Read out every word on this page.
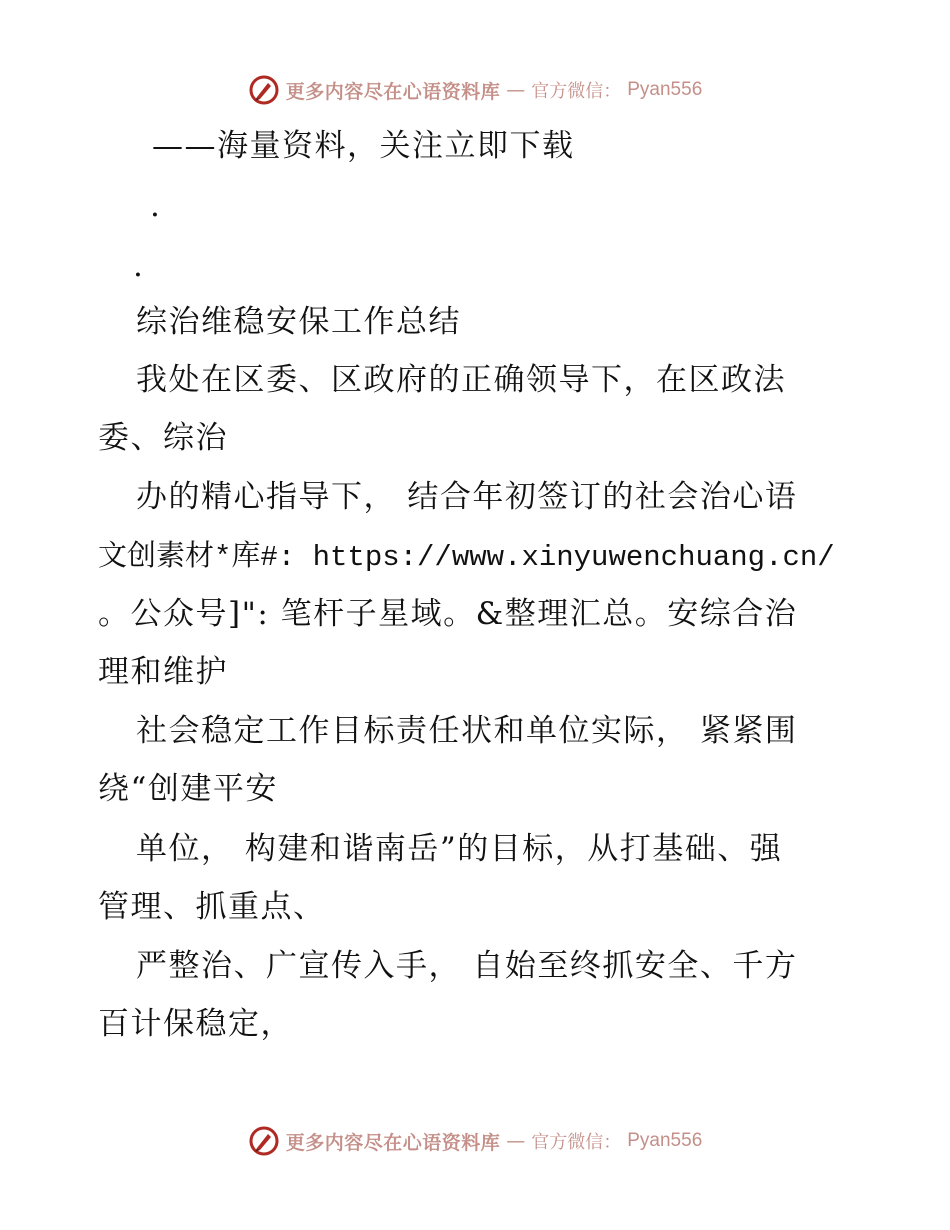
更多内容尽在心语资料库 — 官方微信： Pyan556
——海量资料，关注立即下载
.
.
综治维稳安保工作总结
我处在区委、区政府的正确领导下，在区政法
委、综治
办的精心指导下， 结合年初签订的社会治心语
文创素材*库#: https://www.xinyuwenchuang.cn/
。公众号]": 笔杆子星域。&整理汇总。安综合治
理和维护
社会稳定工作目标责任状和单位实际， 紧紧围
绕“创建平安
单位， 构建和谐南岳”的目标，从打基础、强
管理、抓重点、
严整治、广宣传入手， 自始至终抓安全、千方
百计保稳定，
更多内容尽在心语资料库 — 官方微信： Pyan556
